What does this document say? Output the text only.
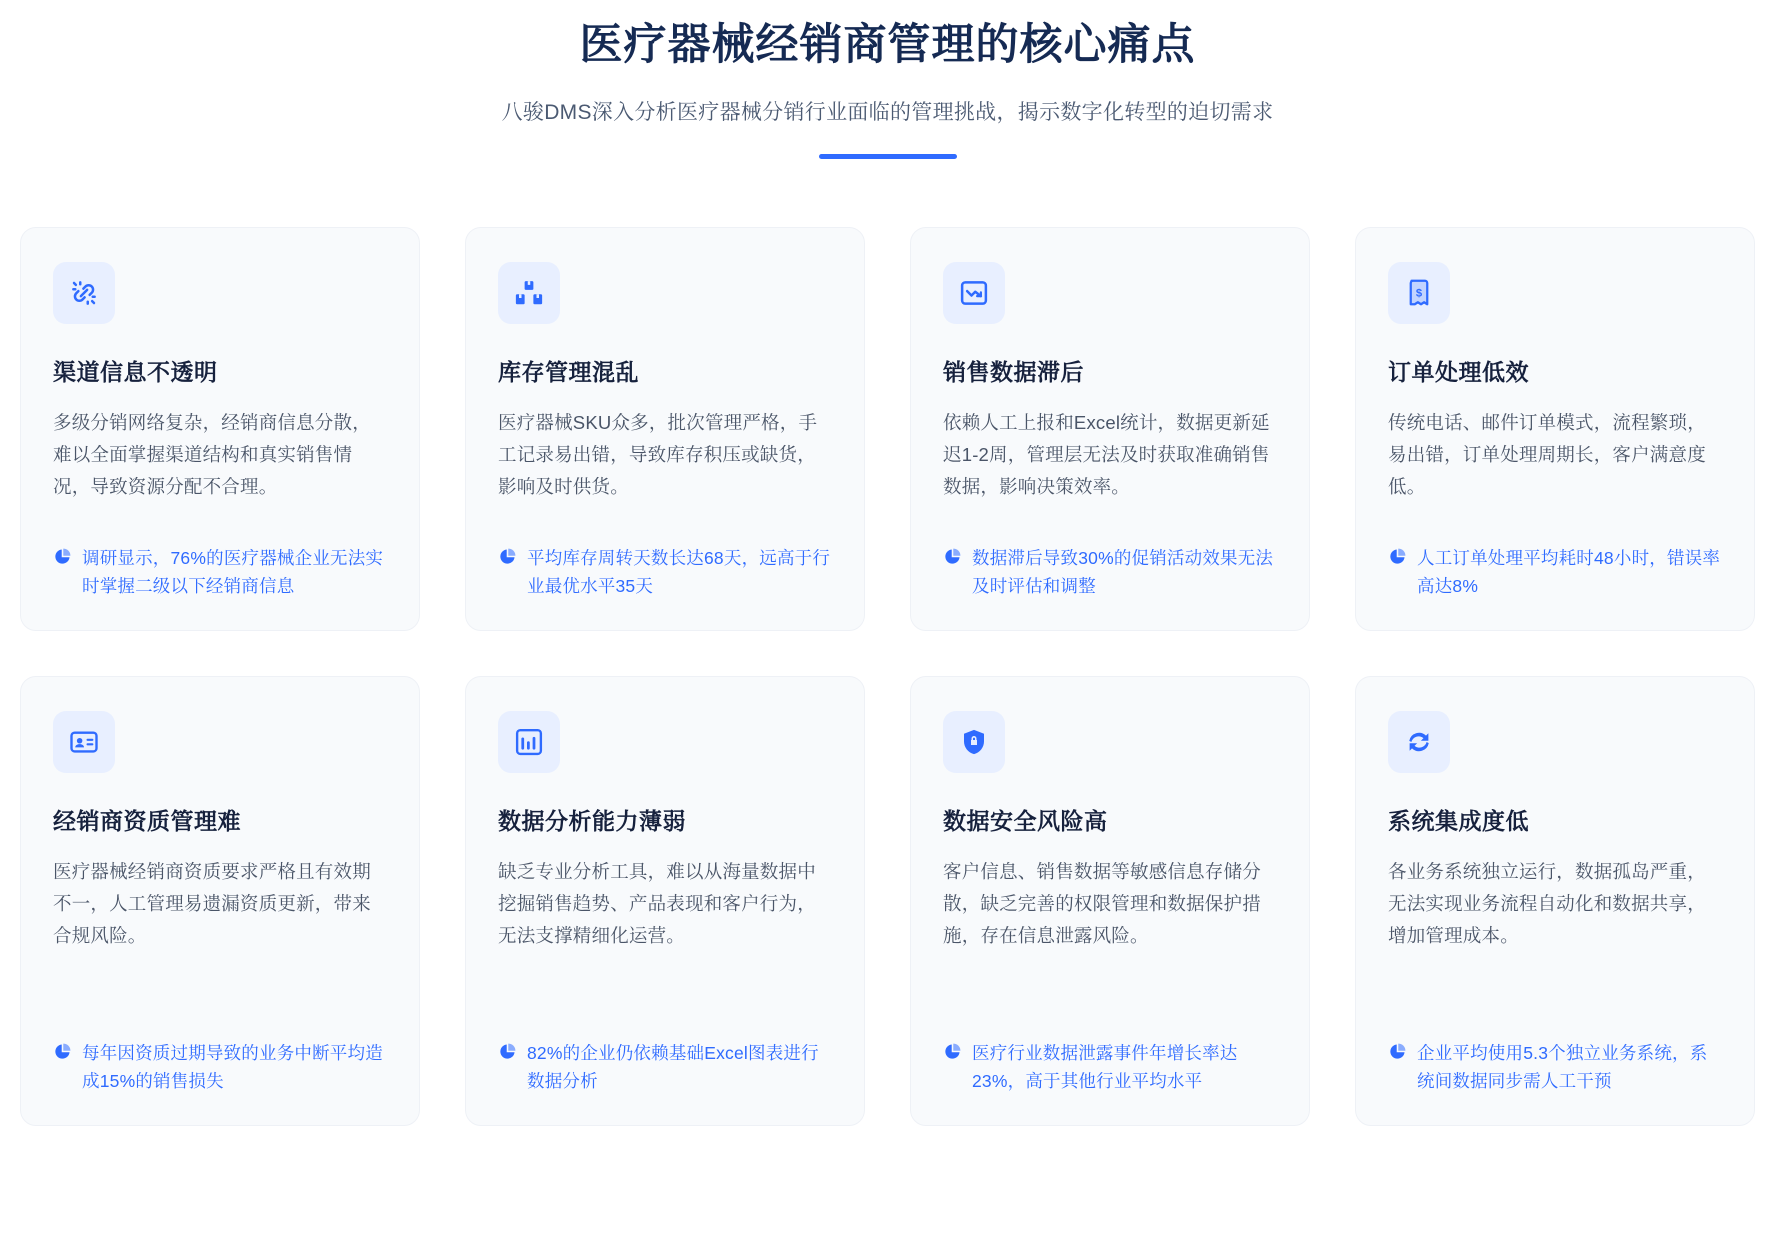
医疗器械经销商管理的核心痛点
八骏DMS深入分析医疗器械分销行业面临的管理挑战，揭示数字化转型的迫切需求
渠道信息不透明

多级分销网络复杂，经销商信息分散，难以全面掌握渠道结构和真实销售情况，导致资源分配不合理。

调研显示，76%的医疗器械企业无法实时掌握二级以下经销商信息
库存管理混乱

医疗器械SKU众多，批次管理严格，手工记录易出错，导致库存积压或缺货，影响及时供货。

平均库存周转天数长达68天，远高于行业最优水平35天
销售数据滞后

依赖人工上报和Excel统计，数据更新延迟1-2周，管理层无法及时获取准确销售数据，影响决策效率。

数据滞后导致30%的促销活动效果无法及时评估和调整
$
订单处理低效

传统电话、邮件订单模式，流程繁琐，易出错，订单处理周期长，客户满意度低。

人工订单处理平均耗时48小时，错误率高达8%
经销商资质管理难

医疗器械经销商资质要求严格且有效期不一，人工管理易遗漏资质更新，带来合规风险。

每年因资质过期导致的业务中断平均造成15%的销售损失
数据分析能力薄弱

缺乏专业分析工具，难以从海量数据中挖掘销售趋势、产品表现和客户行为，无法支撑精细化运营。

82%的企业仍依赖基础Excel图表进行数据分析
数据安全风险高

客户信息、销售数据等敏感信息存储分散，缺乏完善的权限管理和数据保护措施，存在信息泄露风险。

医疗行业数据泄露事件年增长率达23%，高于其他行业平均水平
系统集成度低

各业务系统独立运行，数据孤岛严重，无法实现业务流程自动化和数据共享，增加管理成本。

企业平均使用5.3个独立业务系统，系统间数据同步需人工干预
